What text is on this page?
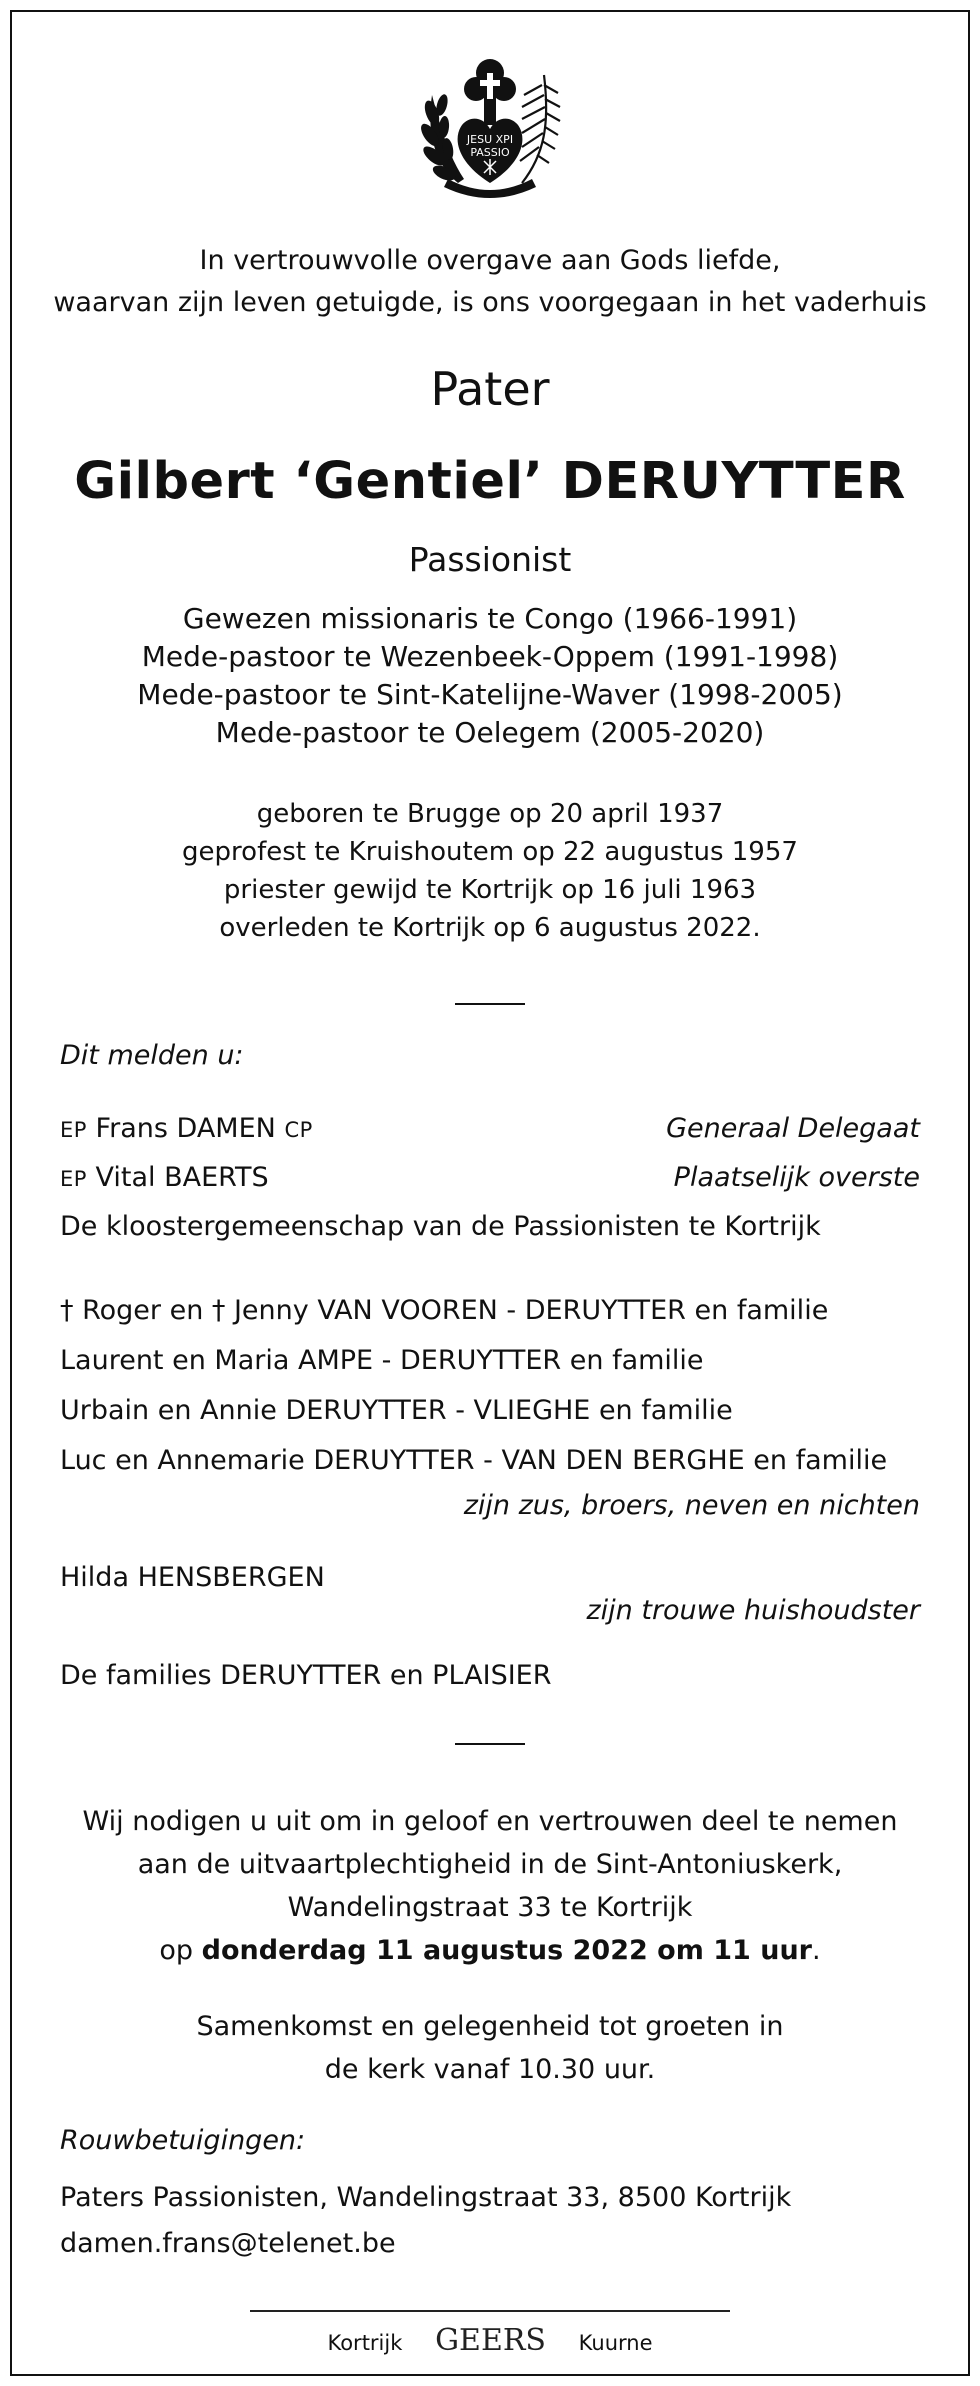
JESU XPI
PASSIO
In vertrouwvolle overgave aan Gods liefde,
waarvan zijn leven getuigde, is ons voorgegaan in het vaderhuis
Pater
Gilbert ‘Gentiel’ DERUYTTER
Passionist
Gewezen missionaris te Congo (1966-1991)
Mede-pastoor te Wezenbeek-Oppem (1991-1998)
Mede-pastoor te Sint-Katelijne-Waver (1998-2005)
Mede-pastoor te Oelegem (2005-2020)
geboren te Brugge op 20 april 1937
geprofest te Kruishoutem op 22 augustus 1957
priester gewijd te Kortrijk op 16 juli 1963
overleden te Kortrijk op 6 augustus 2022.
Dit melden u:
EP Frans DAMEN CP	Generaal Delegaat
EP Vital BAERTS	Plaatselijk overste
De kloostergemeenschap van de Passionisten te Kortrijk
† Roger en † Jenny VAN VOOREN - DERUYTTER en familie
Laurent en Maria AMPE - DERUYTTER en familie
Urbain en Annie DERUYTTER - VLIEGHE en familie
Luc en Annemarie DERUYTTER - VAN DEN BERGHE en familie
zijn zus, broers, neven en nichten
Hilda HENSBERGEN
zijn trouwe huishoudster
De families DERUYTTER en PLAISIER
Wij nodigen u uit om in geloof en vertrouwen deel te nemen
aan de uitvaartplechtigheid in de Sint-Antoniuskerk,
Wandelingstraat 33 te Kortrijk
op donderdag 11 augustus 2022 om 11 uur.
Samenkomst en gelegenheid tot groeten in
de kerk vanaf 10.30 uur.
Rouwbetuigingen:
Paters Passionisten, Wandelingstraat 33, 8500 Kortrijk
damen.frans@telenet.be
Kortrijk GEERS Kuurne
